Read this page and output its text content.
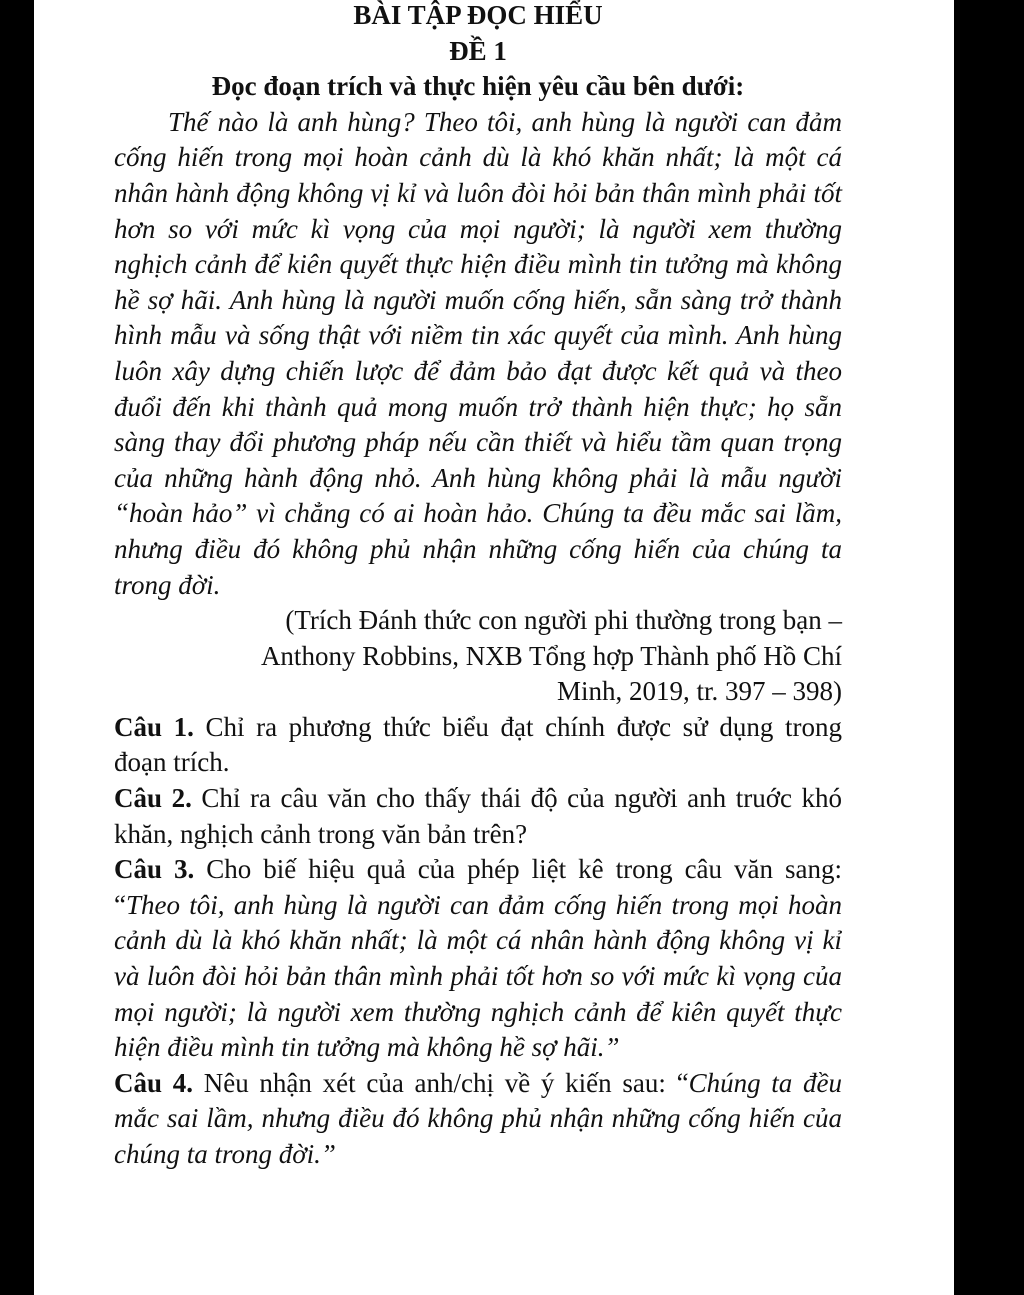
BÀI TẬP ĐỌC HIỂU

ĐỀ 1

Đọc đoạn trích và thực hiện yêu cầu bên dưới:

Thế nào là anh hùng? Theo tôi, anh hùng là người can đảm cống hiến trong mọi hoàn cảnh dù là khó khăn nhất; là một cá nhân hành động không vị kỉ và luôn đòi hỏi bản thân mình phải tốt hơn so với mức kì vọng của mọi người; là người xem thường nghịch cảnh để kiên quyết thực hiện điều mình tin tưởng mà không hề sợ hãi. Anh hùng là người muốn cống hiến, sẵn sàng trở thành hình mẫu và sống thật với niềm tin xác quyết của mình. Anh hùng luôn xây dựng chiến lược để đảm bảo đạt được kết quả và theo đuổi đến khi thành quả mong muốn trở thành hiện thực; họ sẵn sàng thay đổi phương pháp nếu cần thiết và hiểu tầm quan trọng của những hành động nhỏ. Anh hùng không phải là mẫu người “hoàn hảo” vì chẳng có ai hoàn hảo. Chúng ta đều mắc sai lầm, nhưng điều đó không phủ nhận những cống hiến của chúng ta trong đời.

(Trích Đánh thức con người phi thường trong bạn –

Anthony Robbins, NXB Tổng hợp Thành phố Hồ Chí

Minh, 2019, tr. 397 – 398)

Câu 1. Chỉ ra phương thức biểu đạt chính được sử dụng trong đoạn trích.

Câu 2. Chỉ ra câu văn cho thấy thái độ của người anh truớc khó khăn, nghịch cảnh trong văn bản trên?

Câu 3. Cho biế hiệu quả của phép liệt kê trong câu văn sang: “Theo tôi, anh hùng là người can đảm cống hiến trong mọi hoàn cảnh dù là khó khăn nhất; là một cá nhân hành động không vị kỉ và luôn đòi hỏi bản thân mình phải tốt hơn so với mức kì vọng của mọi người; là người xem thường nghịch cảnh để kiên quyết thực hiện điều mình tin tưởng mà không hề sợ hãi.”

Câu 4. Nêu nhận xét của anh/chị về ý kiến sau: “Chúng ta đều mắc sai lầm, nhưng điều đó không phủ nhận những cống hiến của chúng ta trong đời.”
